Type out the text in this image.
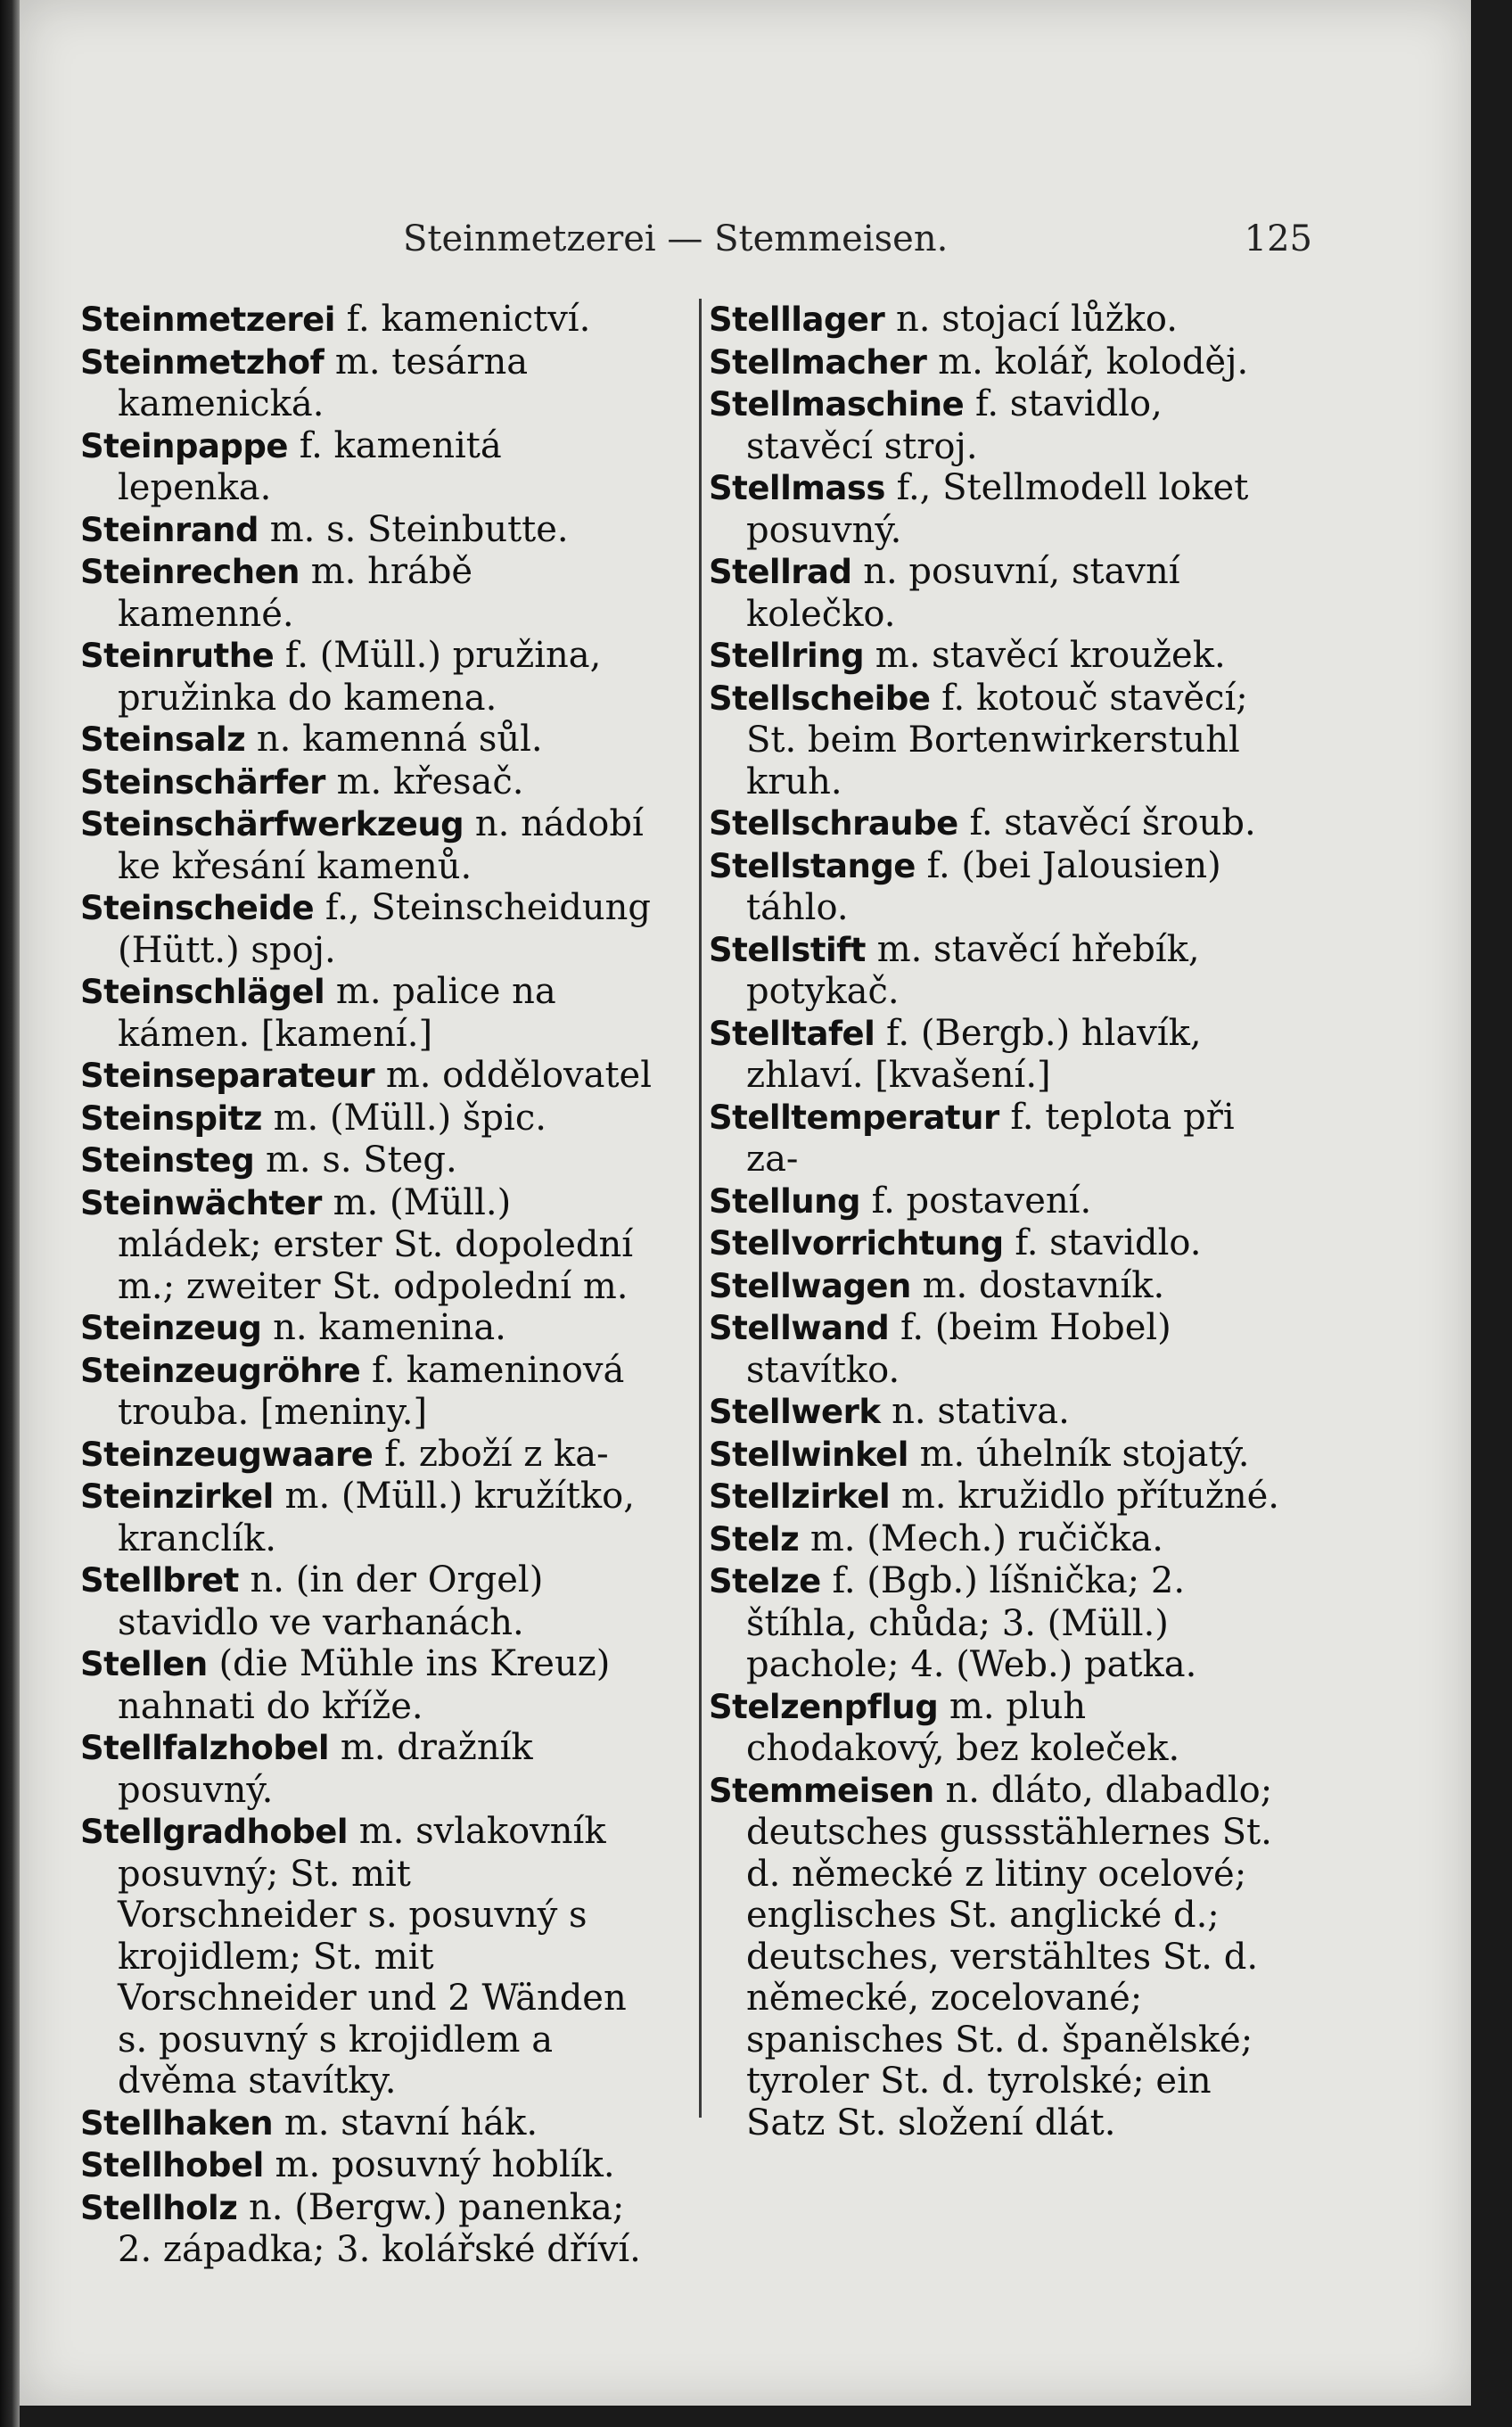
Steinmetzerei — Stemmeisen.	125

Steinmetzerei f. kamenictví.

Steinmetzhof m. tesárna kamenická.

Steinpappe f. kamenitá lepenka.

Steinrand m. s. Steinbutte.

Steinrechen m. hrábě kamenné.

Steinruthe f. (Müll.) pružina, pružinka do kamena.

Steinsalz n. kamenná sůl.

Steinschärfer m. křesač.

Steinschärfwerkzeug n. nádobí ke křesání kamenů.

Steinscheide f., Steinscheidung (Hütt.) spoj.

Steinschlägel m. palice na kámen. [kamení.]

Steinseparateur m. oddělovatel

Steinspitz m. (Müll.) špic.

Steinsteg m. s. Steg.

Steinwächter m. (Müll.) mládek; erster St. dopolední m.; zweiter St. odpolední m.

Steinzeug n. kamenina.

Steinzeugröhre f. kameninová trouba. [meniny.]

Steinzeugwaare f. zboží z ka-

Steinzirkel m. (Müll.) kružítko, kranclík.

Stellbret n. (in der Orgel) stavidlo ve varhanách.

Stellen (die Mühle ins Kreuz) nahnati do kříže.

Stellfalzhobel m. dražník posuvný.

Stellgradhobel m. svlakovník posuvný; St. mit Vorschneider s. posuvný s krojidlem; St. mit Vorschneider und 2 Wänden s. posuvný s krojidlem a dvěma stavítky.

Stellhaken m. stavní hák.

Stellhobel m. posuvný hoblík.

Stellholz n. (Bergw.) panenka; 2. západka; 3. kolářské dříví.

Stelllager n. stojací lůžko.

Stellmacher m. kolář, koloděj.

Stellmaschine f. stavidlo, stavěcí stroj.

Stellmass f., Stellmodell loket posuvný.

Stellrad n. posuvní, stavní kolečko.

Stellring m. stavěcí kroužek.

Stellscheibe f. kotouč stavěcí; St. beim Bortenwirkerstuhl kruh.

Stellschraube f. stavěcí šroub.

Stellstange f. (bei Jalousien) táhlo.

Stellstift m. stavěcí hřebík, potykač.

Stelltafel f. (Bergb.) hlavík, zhlaví. [kvašení.]

Stelltemperatur f. teplota při za-

Stellung f. postavení.

Stellvorrichtung f. stavidlo.

Stellwagen m. dostavník.

Stellwand f. (beim Hobel) stavítko.

Stellwerk n. stativa.

Stellwinkel m. úhelník stojatý.

Stellzirkel m. kružidlo přítužné.

Stelz m. (Mech.) ručička.

Stelze f. (Bgb.) líšnička; 2. štíhla, chůda; 3. (Müll.) pachole; 4. (Web.) patka.

Stelzenpflug m. pluh chodakový, bez koleček.

Stemmeisen n. dláto, dlabadlo; deutsches gussstählernes St. d. německé z litiny ocelové; englisches St. anglické d.; deutsches, verstähltes St. d. německé, zocelované; spanisches St. d. španělské; tyroler St. d. tyrolské; ein Satz St. složení dlát.
